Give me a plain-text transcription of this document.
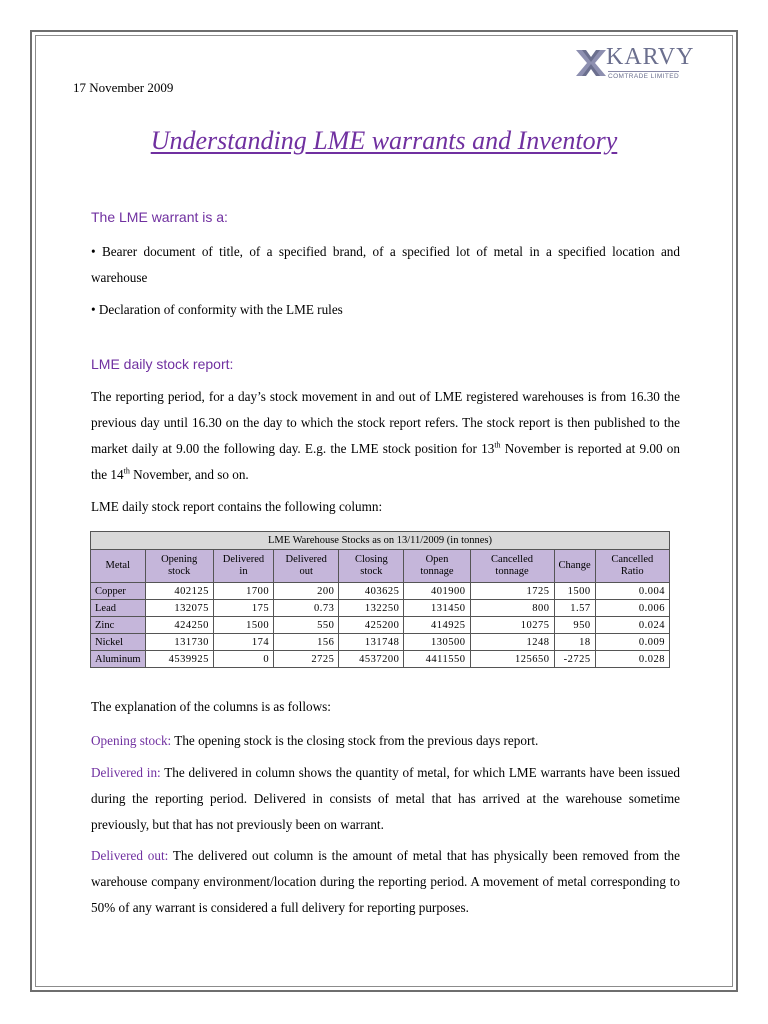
KARVY
COMTRADE LIMITED
17 November 2009
Understanding LME warrants and Inventory
The LME warrant is a:
• Bearer document of title, of a specified brand, of a specified lot of metal in a specified location and warehouse
• Declaration of conformity with the LME rules
LME daily stock report:
The reporting period, for a day’s stock movement in and out of LME registered warehouses is from 16.30 the previous day until 16.30 on the day to which the stock report refers. The stock report is then published to the market daily at 9.00 the following day. E.g. the LME stock position for 13th November is reported at 9.00 on the 14th November, and so on.
LME daily stock report contains the following column:
LME Warehouse Stocks as on 13/11/2009 (in tonnes)								
Metal	Opening stock	Delivered in	Delivered out	Closing stock	Open tonnage	Cancelled tonnage	Change	Cancelled Ratio
Copper	402125	1700	200	403625	401900	1725	1500	0.004
Lead	132075	175	0.73	132250	131450	800	1.57	0.006
Zinc	424250	1500	550	425200	414925	10275	950	0.024
Nickel	131730	174	156	131748	130500	1248	18	0.009
Aluminum	4539925	0	2725	4537200	4411550	125650	-2725	0.028
The explanation of the columns is as follows:
Opening stock: The opening stock is the closing stock from the previous days report.
Delivered in: The delivered in column shows the quantity of metal, for which LME warrants have been issued during the reporting period. Delivered in consists of metal that has arrived at the warehouse sometime previously, but that has not previously been on warrant.
Delivered out: The delivered out column is the amount of metal that has physically been removed from the warehouse company environment/location during the reporting period. A movement of metal corresponding to 50% of any warrant is considered a full delivery for reporting purposes.
